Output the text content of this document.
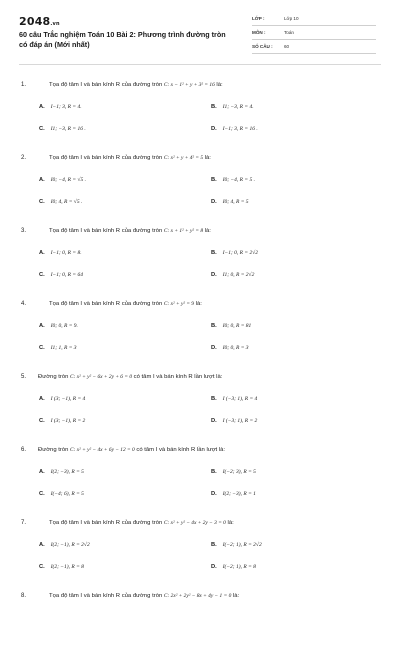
2048.vn
60 câu Trắc nghiệm Toán 10 Bài 2: Phương trình đường tròn có đáp án (Mới nhất)
LỚP :	Lớp 10
MÔN :	Toán
SỐ CÂU :	60
1.	Tọa độ tâm I và bán kính R của đường tròn C: x − 1² + y + 3² = 16 là:
A. I−1; 3, R = 4.	B. I1; −3, R = 4.
C. I1; −3, R = 16 .	D. I−1; 3, R = 16 .
2.	Tọa độ tâm I và bán kính R của đường tròn C: x² + y + 4² = 5 là:
A. I0; −4, R = √5 .	B. I0; −4, R = 5 .
C. I0; 4, R = √5 .	D. I0; 4, R = 5
3.	Tọa độ tâm I và bán kính R của đường tròn C: x + 1² + y² = 8 là:
A. I−1; 0, R = 8.	B. I−1; 0, R = 2√2
C. I−1; 0, R = 64	D. I1; 0, R = 2√2
4.	Tọa độ tâm I và bán kính R của đường tròn C: x² + y² = 9 là:
A. I0; 0, R = 9.	B. I0; 0, R = 81
C. I1; 1, R = 3	D. I0; 0, R = 3
5. Đường tròn C: x² + y² − 6x + 2y + 6 = 0 có tâm I và bán kính R lần lượt là:
A. I (3; −1), R = 4	B. I (−3; 1), R = 4
C. I (3; −1), R = 2	D. I (−3; 1), R = 2
6. Đường tròn C: x² + y² − 4x + 6y − 12 = 0 có tâm I và bán kính R lần lượt là:
A. I(2; −3), R = 5	B. I(−2; 3), R = 5
C. I(−4; 6), R = 5	D. I(2; −3), R = 1
7.	Tọa độ tâm I và bán kính R của đường tròn C: x² + y² − 4x + 2y − 3 = 0 là:
A. I(2; −1), R = 2√2	B. I(−2; 1), R = 2√2
C. I(2; −1), R = 8	D. I(−2; 1), R = 8
8.	Tọa độ tâm I và bán kính R của đường tròn C: 2x² + 2y² − 8x + 4y − 1 = 0 là:
